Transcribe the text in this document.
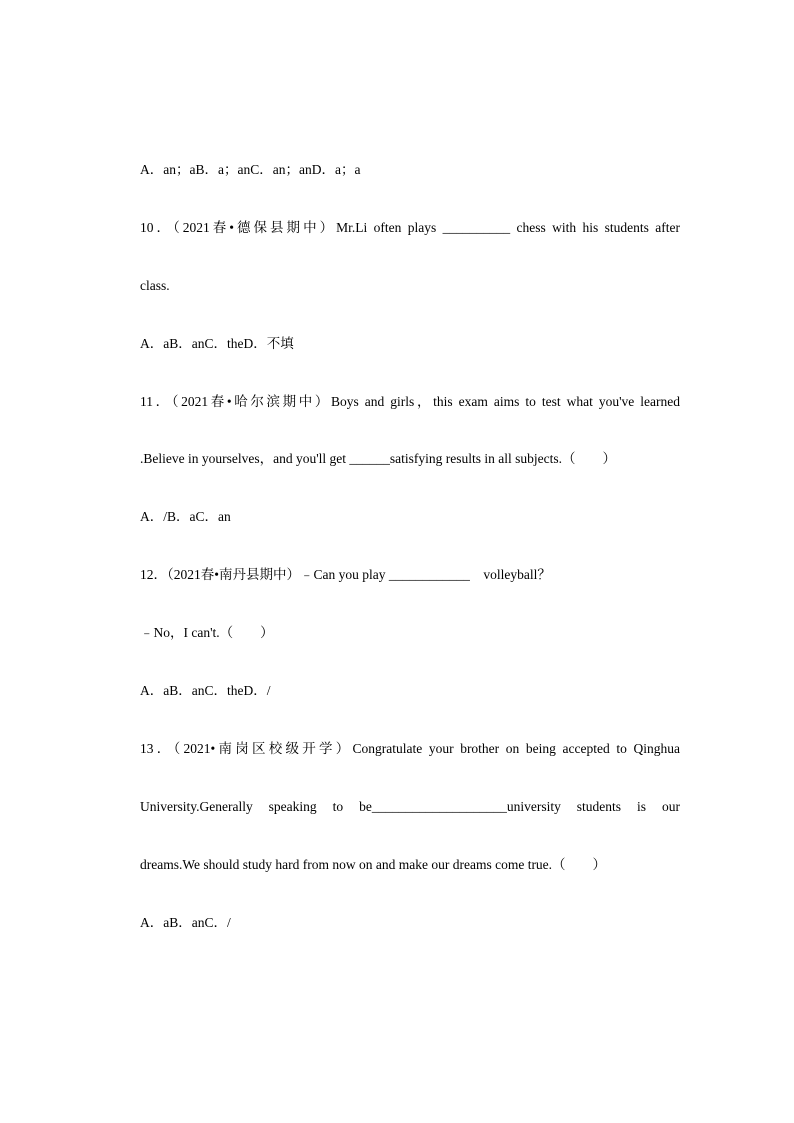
A．an；aB．a；anC．an；anD．a；a
10．（2021春•德保县期中）Mr.Li often plays __________ chess with his students after
class.
A．aB．anC．theD．不填
11．（2021春•哈尔滨期中）Boys and girls，this exam aims to test what you've learned
.Believe in yourselves，and you'll get ______satisfying results in all subjects.（　　）
A．/B．aC．an
12．（2021春•南丹县期中）﹣Can you play ____________　volleyball？
﹣No，I can't.（　　）
A．aB．anC．theD．/
13．（2021•南岗区校级开学）Congratulate your brother on being accepted to Qinghua
University.Generally speaking to be____________________university students is our
dreams.We should study hard from now on and make our dreams come true.（　　）
A．aB．anC．/
